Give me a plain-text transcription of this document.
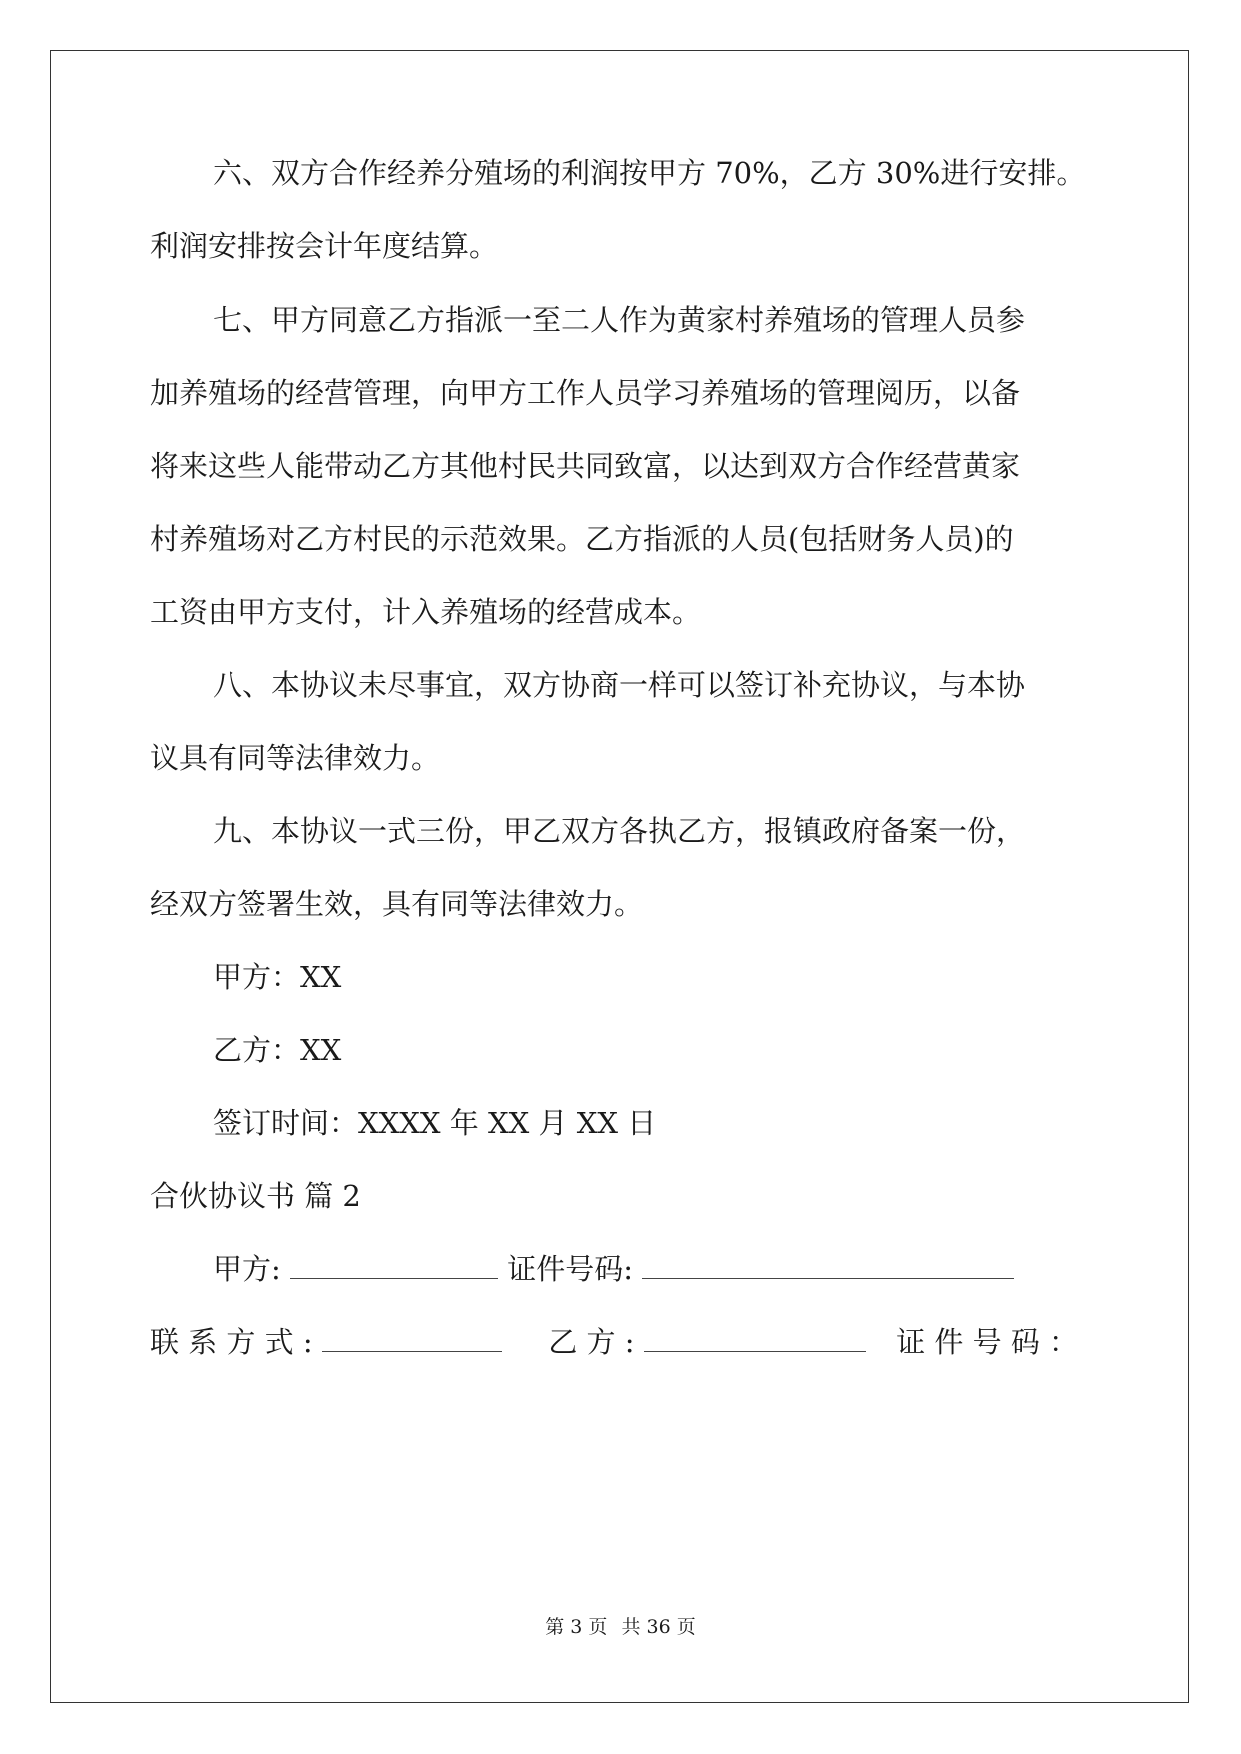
六、双方合作经养分殖场的利润按甲方 70%，乙方 30%进行安排。
利润安排按会计年度结算。
七、甲方同意乙方指派一至二人作为黄家村养殖场的管理人员参
加养殖场的经营管理，向甲方工作人员学习养殖场的管理阅历，以备
将来这些人能带动乙方其他村民共同致富，以达到双方合作经营黄家
村养殖场对乙方村民的示范效果。乙方指派的人员(包括财务人员)的
工资由甲方支付，计入养殖场的经营成本。
八、本协议未尽事宜，双方协商一样可以签订补充协议，与本协
议具有同等法律效力。
九、本协议一式三份，甲乙双方各执乙方，报镇政府备案一份，
经双方签署生效，具有同等法律效力。
甲方：XX
乙方：XX
签订时间：XXXX 年 XX 月 XX 日
合伙协议书 篇 2
甲方:	证件号码:
联 系 方 式 :	乙 方 :	证 件 号 码 ：
第 3 页 共 36 页
